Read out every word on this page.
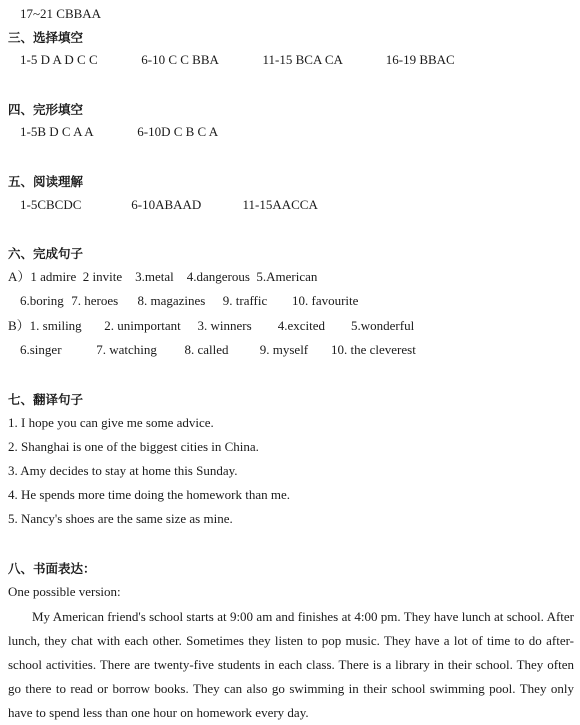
17~21 CBBAA
三、选择填空
1-5 D A D C C	6-10 C C BBA	11-15 BCA CA	16-19 BBAC
四、完形填空
1-5B D C A A	6-10D C B C A
五、阅读理解
1-5CBCDC	6-10ABAAD	11-15AACCA
六、完成句子
A）1 admire  2 invite    3.metal    4.dangerous  5.American
6.boring 7. heroes 8. magazines 9. traffic 10. favourite
B）1. smiling 2. unimportant 3. winners 4.excited 5.wonderful
6.singer	7. watching 8. called 9. myself 10. the cleverest
七、翻译句子
1. I hope you can give me some advice.
2. Shanghai is one of the biggest cities in China.
3. Amy decides to stay at home this Sunday.
4. He spends more time doing the homework than me.
5. Nancy's shoes are the same size as mine.
八、书面表达：
One possible version:
My American friend's school starts at 9:00 am and finishes at 4:00 pm. They have lunch at school. After lunch, they chat with each other. Sometimes they listen to pop music. They have a lot of time to do after-school activities. There are twenty-five students in each class. There is a library in their school. They often go there to read or borrow books. They can also go swimming in their school swimming pool. They only have to spend less than one hour on homework every day.
